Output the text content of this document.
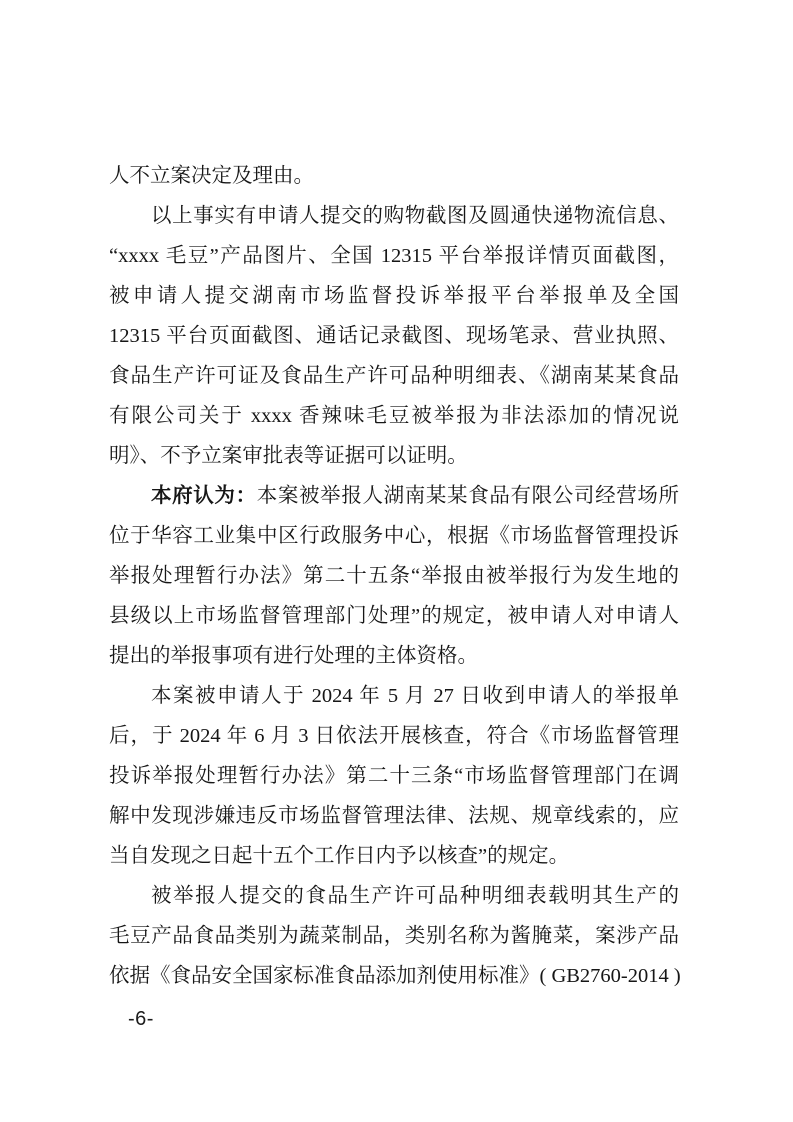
人不立案决定及理由。
以上事实有申请人提交的购物截图及圆通快递物流信息、
“xxxx 毛豆”产品图片、全国 12315 平台举报详情页面截图，
被申请人提交湖南市场监督投诉举报平台举报单及全国
12315 平台页面截图、通话记录截图、现场笔录、营业执照、
食品生产许可证及食品生产许可品种明细表、《湖南某某食品
有限公司关于 xxxx 香辣味毛豆被举报为非法添加的情况说
明》、不予立案审批表等证据可以证明。
本府认为：本案被举报人湖南某某食品有限公司经营场所
位于华容工业集中区行政服务中心，根据《市场监督管理投诉
举报处理暂行办法》第二十五条“举报由被举报行为发生地的
县级以上市场监督管理部门处理”的规定，被申请人对申请人
提出的举报事项有进行处理的主体资格。
本案被申请人于 2024 年 5 月 27 日收到申请人的举报单
后，于 2024 年 6 月 3 日依法开展核查，符合《市场监督管理
投诉举报处理暂行办法》第二十三条“市场监督管理部门在调
解中发现涉嫌违反市场监督管理法律、法规、规章线索的，应
当自发现之日起十五个工作日内予以核查”的规定。
被举报人提交的食品生产许可品种明细表载明其生产的
毛豆产品食品类别为蔬菜制品，类别名称为酱腌菜，案涉产品
依据《食品安全国家标准食品添加剂使用标准》( GB2760-2014 )
-6-
